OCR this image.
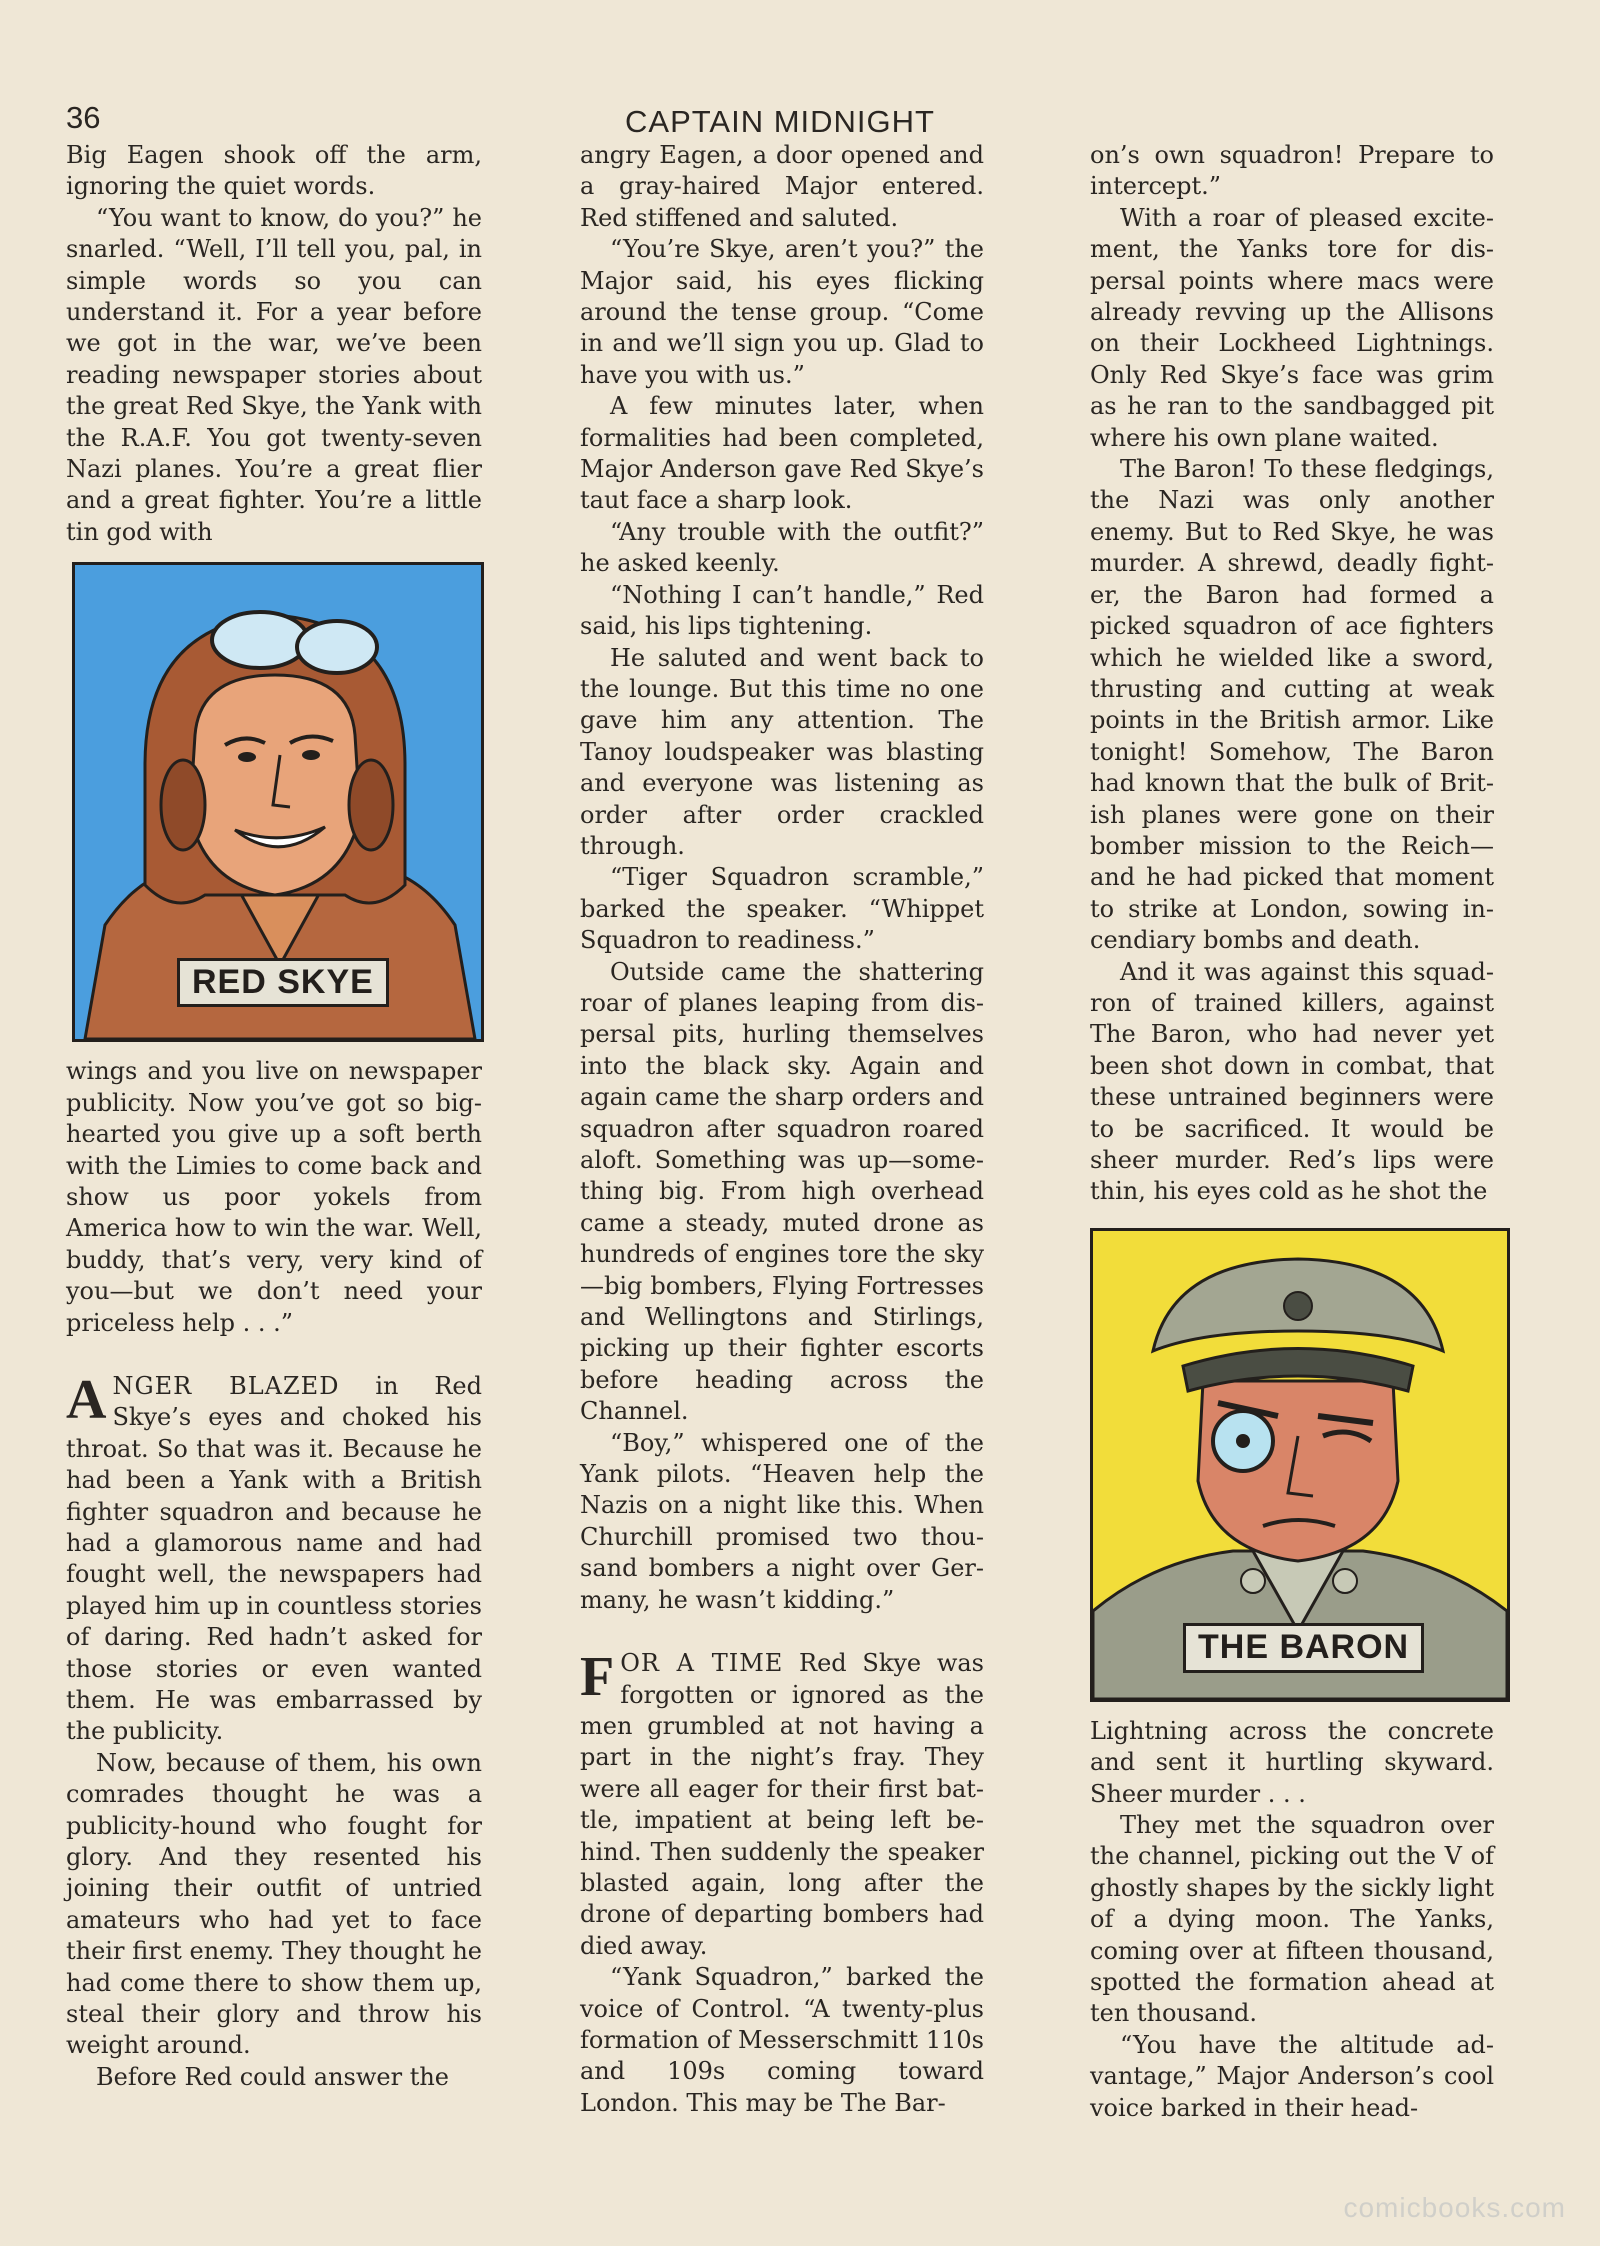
36	CAPTAIN MIDNIGHT

Big Eagen shook off the arm, ignoring the quiet words.

“You want to know, do you?” he snarled. “Well, I’ll tell you, pal, in simple words so you can understand it. For a year before we got in the war, we’ve been reading newspaper stories about the great Red Skye, the Yank with the R.A.F. You got twenty-seven Nazi planes. You’re a great flier and a great fighter. You’re a little tin god with

RED SKYE

wings and you live on newspaper publicity. Now you’ve got so big-hearted you give up a soft berth with the Limies to come back and show us poor yokels from America how to win the war. Well, buddy, that’s very, very kind of you—but we don’t need your priceless help . . .”

ANGER BLAZED in Red Skye’s eyes and choked his throat. So that was it. Because he had been a Yank with a British fighter squadron and because he had a glamorous name and had fought well, the newspapers had played him up in countless stories of daring. Red hadn’t asked for those stories or even wanted them. He was embarrassed by the publicity.

Now, because of them, his own comrades thought he was a publicity-hound who fought for glory. And they resented his joining their outfit of untried amateurs who had yet to face their first enemy. They thought he had come there to show them up, steal their glory and throw his weight around.

Before Red could answer the

angry Eagen, a door opened and a gray-haired Major entered. Red stiffened and saluted.

“You’re Skye, aren’t you?” the Major said, his eyes flicking around the tense group. “Come in and we’ll sign you up. Glad to have you with us.”

A few minutes later, when formalities had been completed, Major Anderson gave Red Skye’s taut face a sharp look.

“Any trouble with the outfit?” he asked keenly.

“Nothing I can’t handle,” Red said, his lips tightening.

He saluted and went back to the lounge. But this time no one gave him any attention. The Tanoy loudspeaker was blasting and everyone was listening as order after order crackled through.

“Tiger Squadron scramble,” barked the speaker. “Whippet Squadron to readiness.”

Outside came the shattering roar of planes leaping from dispersal pits, hurling themselves into the black sky. Again and again came the sharp orders and squadron after squadron roared aloft. Something was up—something big. From high overhead came a steady, muted drone as hundreds of engines tore the sky—big bombers, Flying Fortresses and Wellingtons and Stirlings, picking up their fighter escorts before heading across the Channel.

“Boy,” whispered one of the Yank pilots. “Heaven help the Nazis on a night like this. When Churchill promised two thousand bombers a night over Germany, he wasn’t kidding.”

FOR A TIME Red Skye was forgotten or ignored as the men grumbled at not having a part in the night’s fray. They were all eager for their first battle, impatient at being left behind. Then suddenly the speaker blasted again, long after the drone of departing bombers had died away.

“Yank Squadron,” barked the voice of Control. “A twenty-plus formation of Messerschmitt 110s and 109s coming toward London. This may be The Bar-

on’s own squadron! Prepare to intercept.”

With a roar of pleased excitement, the Yanks tore for dispersal points where macs were already revving up the Allisons on their Lockheed Lightnings. Only Red Skye’s face was grim as he ran to the sandbagged pit where his own plane waited.

The Baron! To these fledgings, the Nazi was only another enemy. But to Red Skye, he was murder. A shrewd, deadly fighter, the Baron had formed a picked squadron of ace fighters which he wielded like a sword, thrusting and cutting at weak points in the British armor. Like tonight! Somehow, The Baron had known that the bulk of British planes were gone on their bomber mission to the Reich—and he had picked that moment to strike at London, sowing incendiary bombs and death.

And it was against this squadron of trained killers, against The Baron, who had never yet been shot down in combat, that these untrained beginners were to be sacrificed. It would be sheer murder. Red’s lips were thin, his eyes cold as he shot the

THE BARON

Lightning across the concrete and sent it hurtling skyward. Sheer murder . . .

They met the squadron over the channel, picking out the V of ghostly shapes by the sickly light of a dying moon. The Yanks, coming over at fifteen thousand, spotted the formation ahead at ten thousand.

“You have the altitude advantage,” Major Anderson’s cool voice barked in their head-

comicbooks.com
